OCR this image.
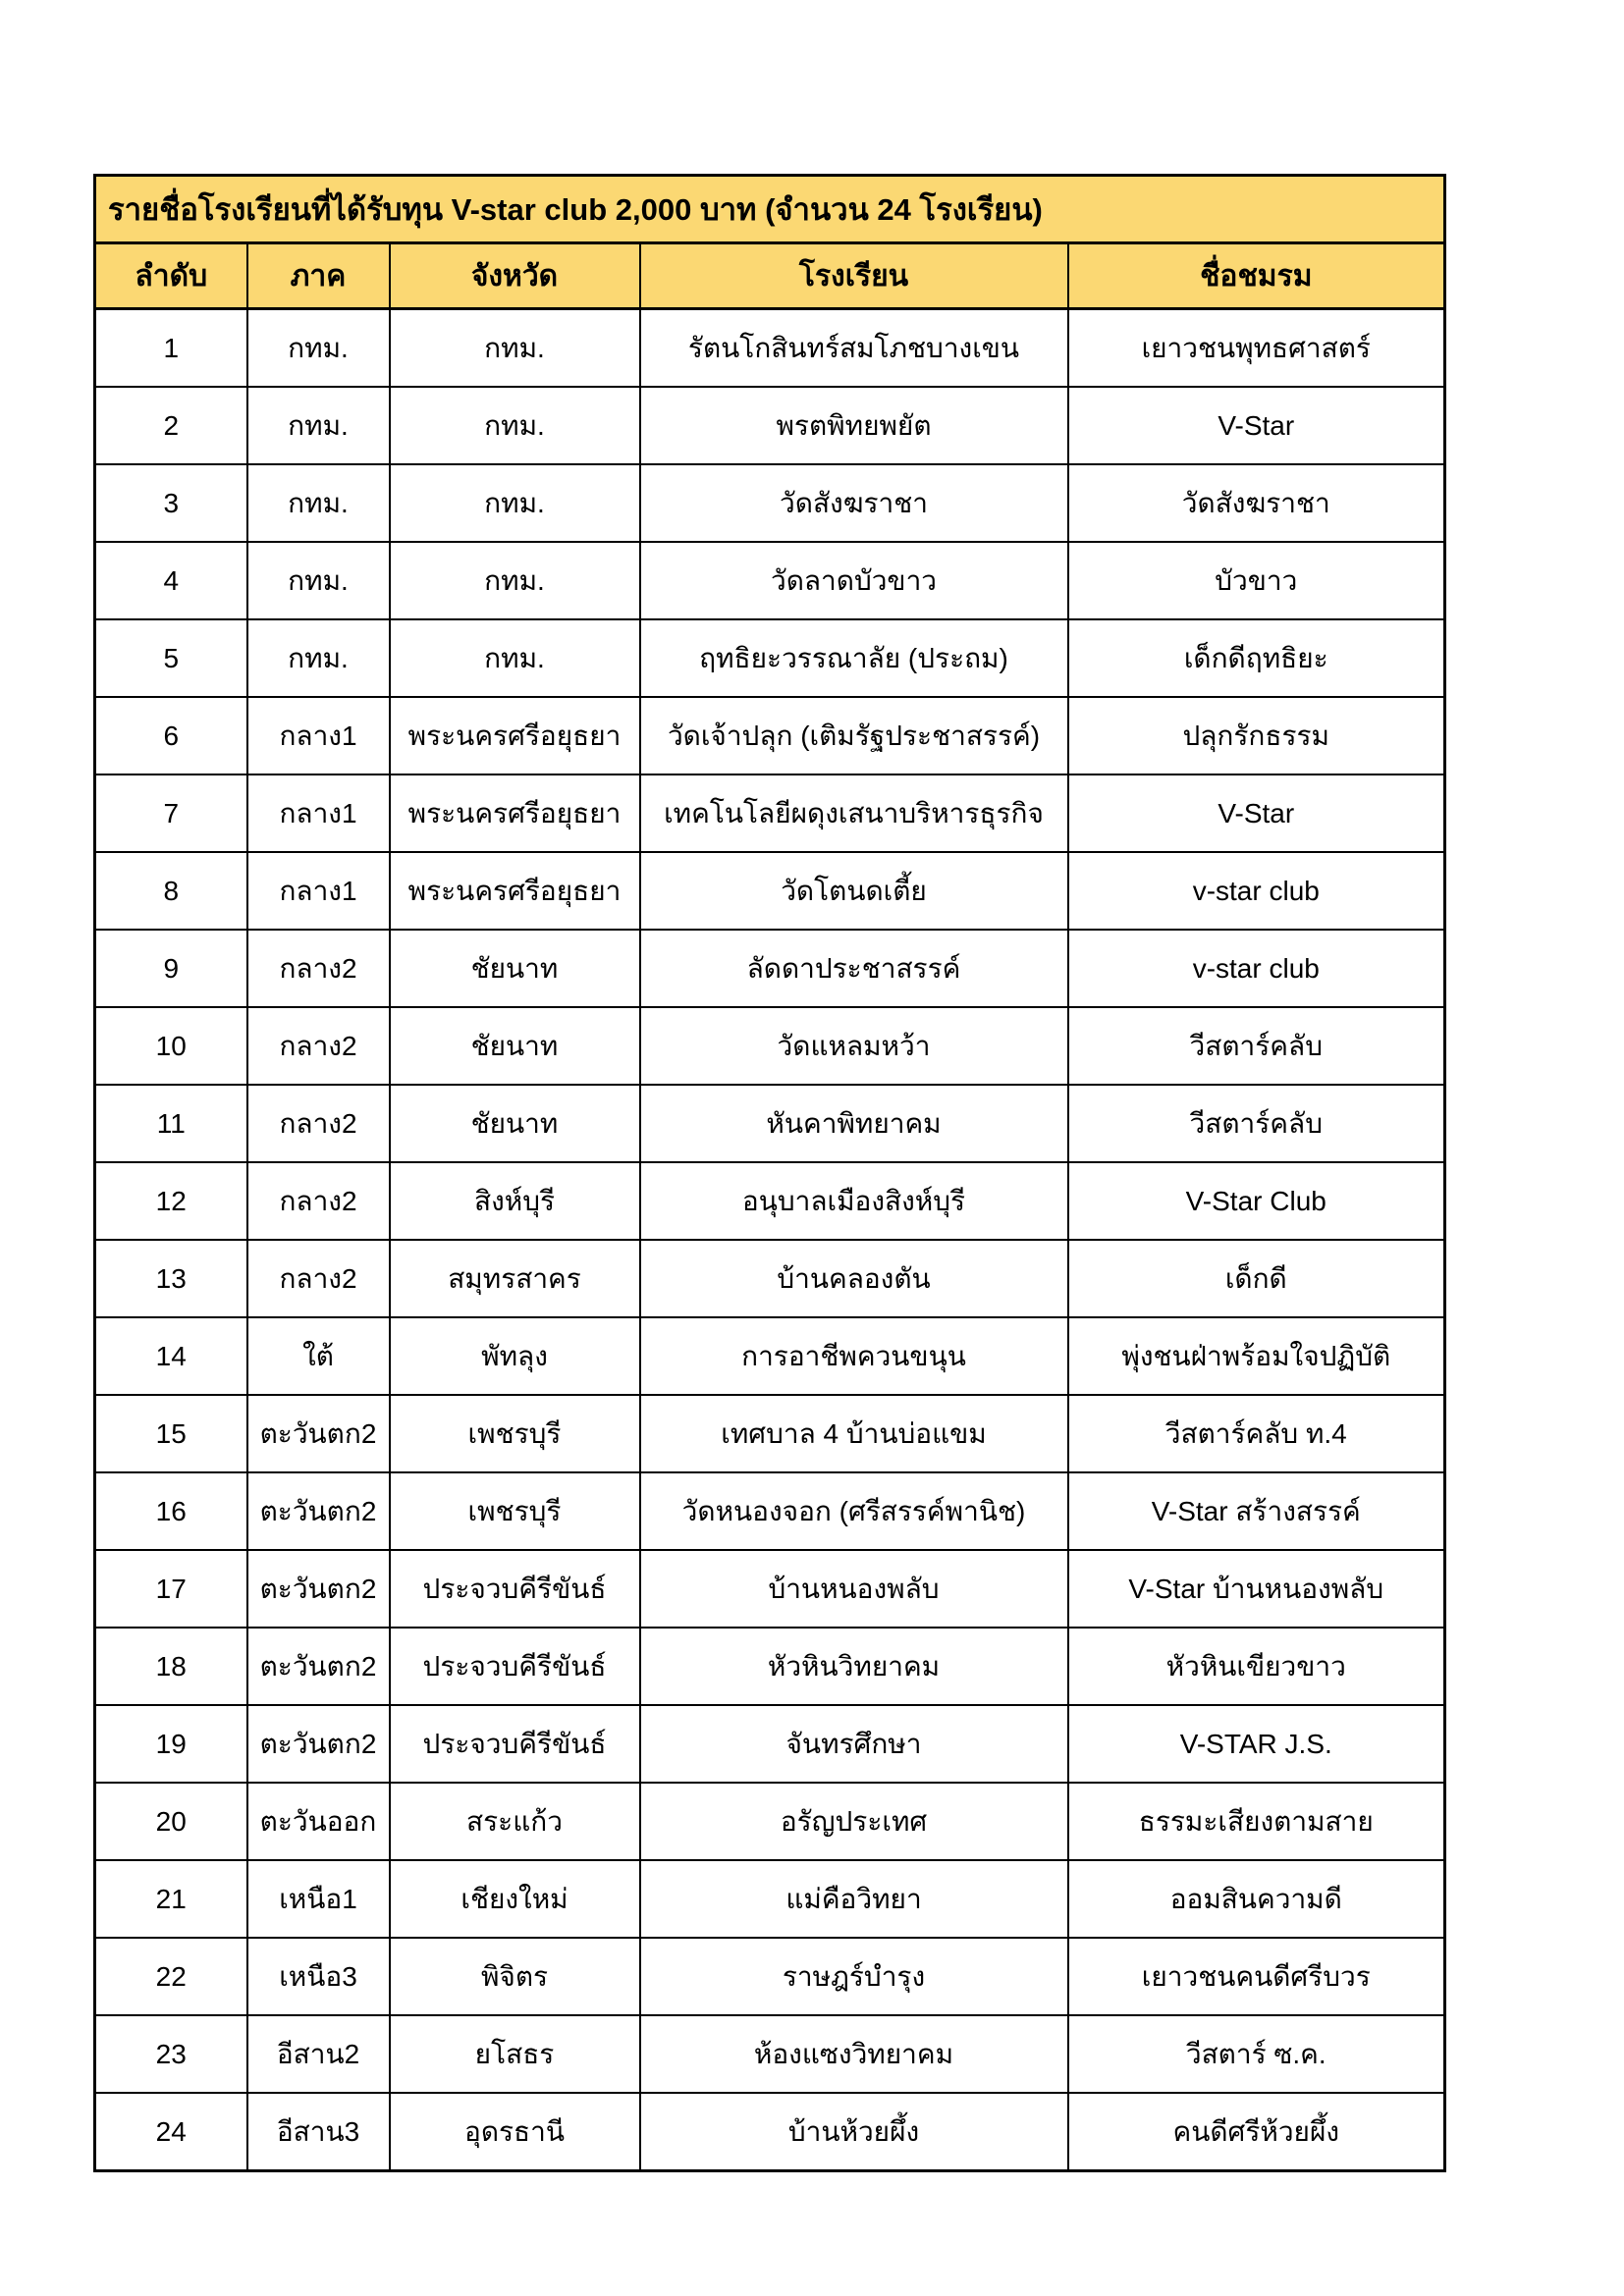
รายชื่อโรงเรียนที่ได้รับทุน V-star club 2,000 บาท (จำนวน 24 โรงเรียน)				
ลำดับ	ภาค	จังหวัด	โรงเรียน	ชื่อชมรม
1	กทม.	กทม.	รัตนโกสินทร์สมโภชบางเขน	เยาวชนพุทธศาสตร์
2	กทม.	กทม.	พรตพิทยพยัต	V-Star
3	กทม.	กทม.	วัดสังฆราชา	วัดสังฆราชา
4	กทม.	กทม.	วัดลาดบัวขาว	บัวขาว
5	กทม.	กทม.	ฤทธิยะวรรณาลัย (ประถม)	เด็กดีฤทธิยะ
6	กลาง1	พระนครศรีอยุธยา	วัดเจ้าปลุก (เติมรัฐประชาสรรค์)	ปลุกรักธรรม
7	กลาง1	พระนครศรีอยุธยา	เทคโนโลยีผดุงเสนาบริหารธุรกิจ	V-Star
8	กลาง1	พระนครศรีอยุธยา	วัดโตนดเตี้ย	v-star club
9	กลาง2	ชัยนาท	ลัดดาประชาสรรค์	v-star club
10	กลาง2	ชัยนาท	วัดแหลมหว้า	วีสตาร์คลับ
11	กลาง2	ชัยนาท	หันคาพิทยาคม	วีสตาร์คลับ
12	กลาง2	สิงห์บุรี	อนุบาลเมืองสิงห์บุรี	V-Star Club
13	กลาง2	สมุทรสาคร	บ้านคลองตัน	เด็กดี
14	ใต้	พัทลุง	การอาชีพควนขนุน	พุ่งชนฝ่าพร้อมใจปฏิบัติ
15	ตะวันตก2	เพชรบุรี	เทศบาล 4 บ้านบ่อแขม	วีสตาร์คลับ ท.4
16	ตะวันตก2	เพชรบุรี	วัดหนองจอก (ศรีสรรค์พานิช)	V-Star สร้างสรรค์
17	ตะวันตก2	ประจวบคีรีขันธ์	บ้านหนองพลับ	V-Star บ้านหนองพลับ
18	ตะวันตก2	ประจวบคีรีขันธ์	หัวหินวิทยาคม	หัวหินเขียวขาว
19	ตะวันตก2	ประจวบคีรีขันธ์	จันทรศึกษา	V-STAR J.S.
20	ตะวันออก	สระแก้ว	อรัญประเทศ	ธรรมะเสียงตามสาย
21	เหนือ1	เชียงใหม่	แม่คือวิทยา	ออมสินความดี
22	เหนือ3	พิจิตร	ราษฎร์บำรุง	เยาวชนคนดีศรีบวร
23	อีสาน2	ยโสธร	ห้องแซงวิทยาคม	วีสตาร์ ซ.ค.
24	อีสาน3	อุดรธานี	บ้านห้วยผึ้ง	คนดีศรีห้วยผึ้ง
